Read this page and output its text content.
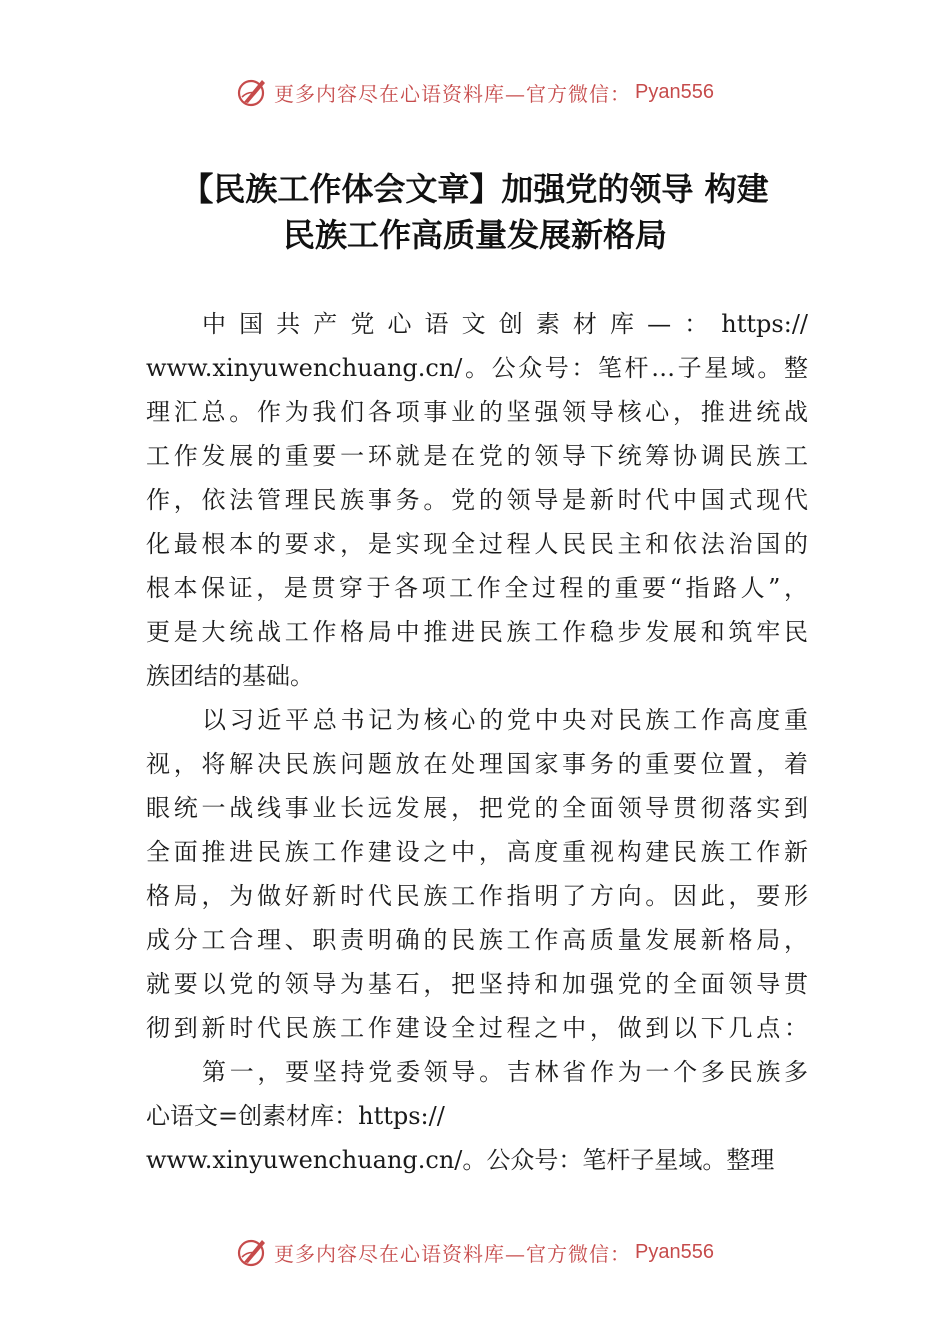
更多内容尽在心语资料库—官方微信： Pyan556
【民族工作体会文章】加强党的领导 构建
民族工作高质量发展新格局
中国共产党心语文创素材库—：https://
www.xinyuwenchuang.cn/。公众号：笔杆…子星域。整
理汇总。作为我们各项事业的坚强领导核心，推进统战
工作发展的重要一环就是在党的领导下统筹协调民族工
作，依法管理民族事务。党的领导是新时代中国式现代
化最根本的要求，是实现全过程人民民主和依法治国的
根本保证，是贯穿于各项工作全过程的重要“指路人”，
更是大统战工作格局中推进民族工作稳步发展和筑牢民
族团结的基础。
以习近平总书记为核心的党中央对民族工作高度重
视，将解决民族问题放在处理国家事务的重要位置，着
眼统一战线事业长远发展，把党的全面领导贯彻落实到
全面推进民族工作建设之中，高度重视构建民族工作新
格局，为做好新时代民族工作指明了方向。因此，要形
成分工合理、职责明确的民族工作高质量发展新格局，
就要以党的领导为基石，把坚持和加强党的全面领导贯
彻到新时代民族工作建设全过程之中，做到以下几点：
第一，要坚持党委领导。吉林省作为一个多民族多
心语文=创素材库：https://
www.xinyuwenchuang.cn/。公众号：笔杆子星域。整理
更多内容尽在心语资料库—官方微信： Pyan556
